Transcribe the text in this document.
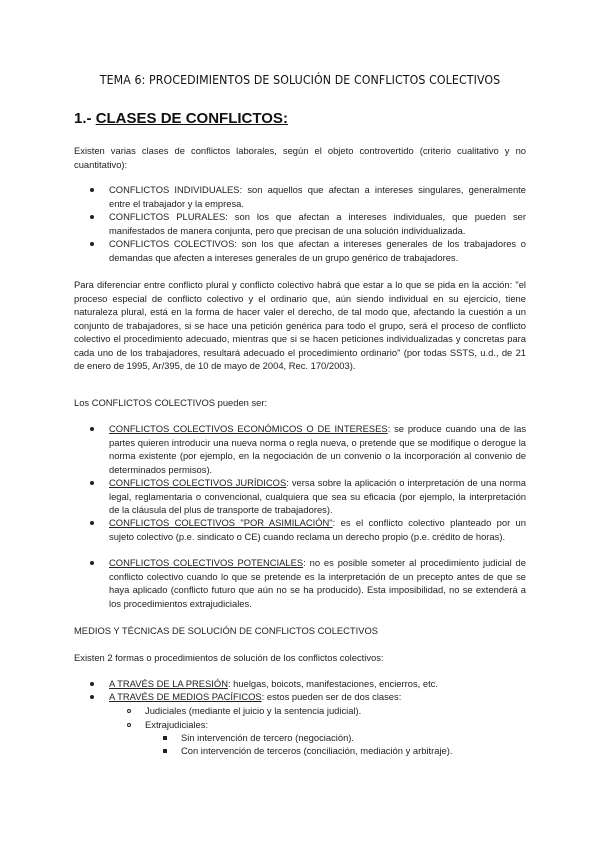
TEMA 6: PROCEDIMIENTOS DE SOLUCIÓN DE CONFLICTOS COLECTIVOS
1.- CLASES DE CONFLICTOS:
Existen varias clases de conflictos laborales, según el objeto controvertido (criterio cualitativo y no cuantitativo):
CONFLICTOS INDIVIDUALES: son aquellos que afectan a intereses singulares, generalmente entre el trabajador y la empresa.
CONFLICTOS PLURALES: son los que afectan a intereses individuales, que pueden ser manifestados de manera conjunta, pero que precisan de una solución individualizada.
CONFLICTOS COLECTIVOS: son los que afectan a intereses generales de los trabajadores o demandas que afecten a intereses generales de un grupo genérico de trabajadores.
Para diferenciar entre conflicto plural y conflicto colectivo habrá que estar a lo que se pida en la acción: "el proceso especial de conflicto colectivo y el ordinario que, aún siendo individual en su ejercicio, tiene naturaleza plural, está en la forma de hacer valer el derecho, de tal modo que, afectando la cuestión a un conjunto de trabajadores, si se hace una petición genérica para todo el grupo, será el proceso de conflicto colectivo el procedimiento adecuado, mientras que si se hacen peticiones individualizadas y concretas para cada uno de los trabajadores, resultará adecuado el procedimiento ordinario" (por todas SSTS, u.d., de 21 de enero de 1995, Ar/395, de 10 de mayo de 2004, Rec. 170/2003).
Los CONFLICTOS COLECTIVOS pueden ser:
CONFLICTOS COLECTIVOS ECONÓMICOS O DE INTERESES: se produce cuando una de las partes quieren introducir una nueva norma o regla nueva, o pretende que se modifique o derogue la norma existente (por ejemplo, en la negociación de un convenio o la incorporación al convenio de determinados permisos).
CONFLICTOS COLECTIVOS JURÍDICOS: versa sobre la aplicación o interpretación de una norma legal, reglamentaria o convencional, cualquiera que sea su eficacia (por ejemplo, la interpretación de la cláusula del plus de transporte de trabajadores).
CONFLICTOS COLECTIVOS "POR ASIMILACIÓN": es el conflicto colectivo planteado por un sujeto colectivo (p.e. sindicato o CE) cuando reclama un derecho propio (p.e. crédito de horas).
CONFLICTOS COLECTIVOS POTENCIALES: no es posible someter al procedimiento judicial de conflicto colectivo cuando lo que se pretende es la interpretación de un precepto antes de que se haya aplicado (conflicto futuro que aún no se ha producido). Esta imposibilidad, no se extenderá a los procedimientos extrajudiciales.
MEDIOS Y TÉCNICAS DE SOLUCIÓN DE CONFLICTOS COLECTIVOS
Existen 2 formas o procedimientos de solución de los conflictos colectivos:
A TRAVÉS DE LA PRESIÓN: huelgas, boicots, manifestaciones, encierros, etc.
A TRAVÉS DE MEDIOS PACÍFICOS: estos pueden ser de dos clases:
Judiciales (mediante el juicio y la sentencia judicial).
Extrajudiciales:
Sin intervención de tercero (negociación).
Con intervención de terceros (conciliación, mediación y arbitraje).
